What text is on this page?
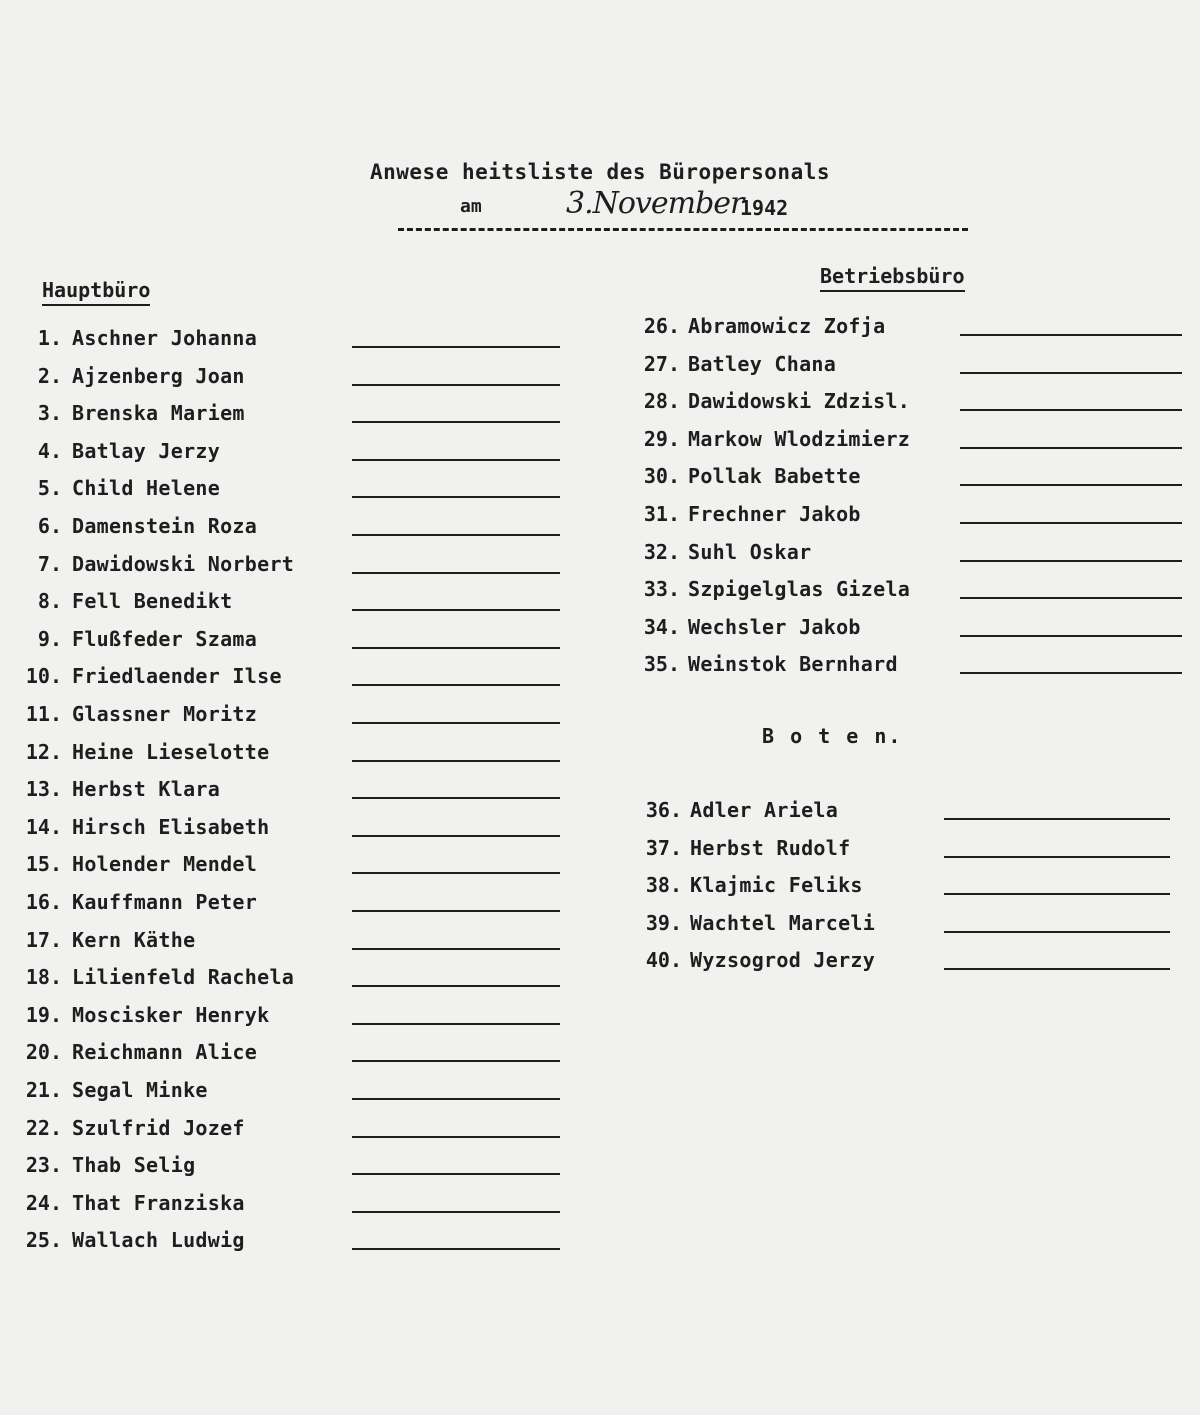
Anwese heitsliste des Büropersonals
am	3.November
1942
Hauptbüro
Betriebsbüro
B o t e n.
1. Aschner Johanna
2. Ajzenberg Joan
3. Brenska Mariem
4. Batlay Jerzy
5. Child Helene
6. Damenstein Roza
7. Dawidowski Norbert
8. Fell Benedikt
9. Flußfeder Szama
10. Friedlaender Ilse
11. Glassner Moritz
12. Heine Lieselotte
13. Herbst Klara
14. Hirsch Elisabeth
15. Holender Mendel
16. Kauffmann Peter
17. Kern Käthe
18. Lilienfeld Rachela
19. Moscisker Henryk
20. Reichmann Alice
21. Segal Minke
22. Szulfrid Jozef
23. Thab Selig
24. That Franziska
25. Wallach Ludwig
26. Abramowicz Zofja
27. Batley Chana
28. Dawidowski Zdzisl.
29. Markow Wlodzimierz
30. Pollak Babette
31. Frechner Jakob
32. Suhl Oskar
33. Szpigelglas Gizela
34. Wechsler Jakob
35. Weinstok Bernhard
36. Adler Ariela
37. Herbst Rudolf
38. Klajmic Feliks
39. Wachtel Marceli
40. Wyzsogrod Jerzy
